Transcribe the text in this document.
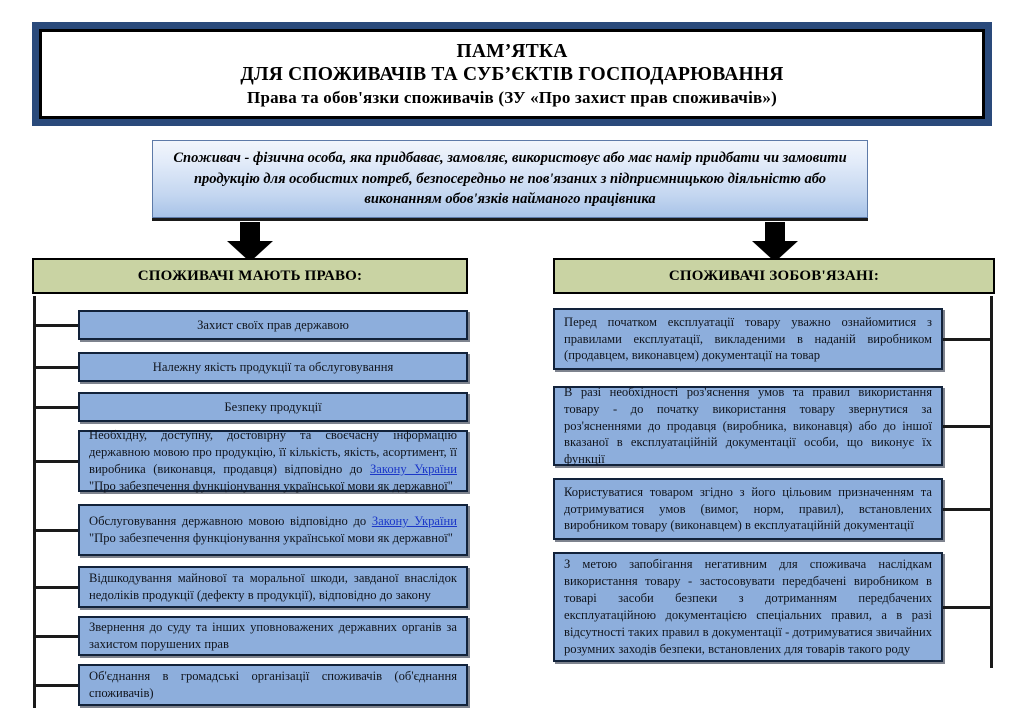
ПАМ’ЯТКА
ДЛЯ СПОЖИВАЧІВ ТА СУБ’ЄКТІВ ГОСПОДАРЮВАННЯ
Права та обов'язки споживачів (ЗУ «Про захист прав споживачів»)
Споживач - фізична особа, яка придбаває, замовляє, використовує або має намір придбати чи замовити продукцію для особистих потреб, безпосередньо не пов'язаних з підприємницькою діяльністю або виконанням обов'язків найманого працівника
СПОЖИВАЧІ МАЮТЬ ПРАВО:	СПОЖИВАЧІ ЗОБОВ'ЯЗАНІ:
Захист своїх прав державою
Належну якість продукції та обслуговування
Безпеку продукції
Необхідну, доступну, достовірну та своєчасну інформацію державною мовою про продукцію, її кількість, якість, асортимент, її виробника (виконавця, продавця) відповідно до Закону України "Про забезпечення функціонування української мови як державної"
Обслуговування державною мовою відповідно до Закону України "Про забезпечення функціонування української мови як державної"
Відшкодування майнової та моральної шкоди, завданої внаслідок недоліків продукції (дефекту в продукції), відповідно до закону
Звернення до суду та інших уповноважених державних органів за захистом порушених прав
Об'єднання в громадські організації споживачів (об'єднання споживачів)
Перед початком експлуатації товару уважно ознайомитися з правилами експлуатації, викладеними в наданій виробником (продавцем, виконавцем) документації на товар
В разі необхідності роз'яснення умов та правил використання товару - до початку використання товару звернутися за роз'ясненнями до продавця (виробника, виконавця) або до іншої вказаної в експлуатаційній документації особи, що виконує їх функції
Користуватися товаром згідно з його цільовим призначенням та дотримуватися умов (вимог, норм, правил), встановлених виробником товару (виконавцем) в експлуатаційній документації
З метою запобігання негативним для споживача наслідкам використання товару - застосовувати передбачені виробником в товарі засоби безпеки з дотриманням передбачених експлуатаційною документацією спеціальних правил, а в разі відсутності таких правил в документації - дотримуватися звичайних розумних заходів безпеки, встановлених для товарів такого роду
